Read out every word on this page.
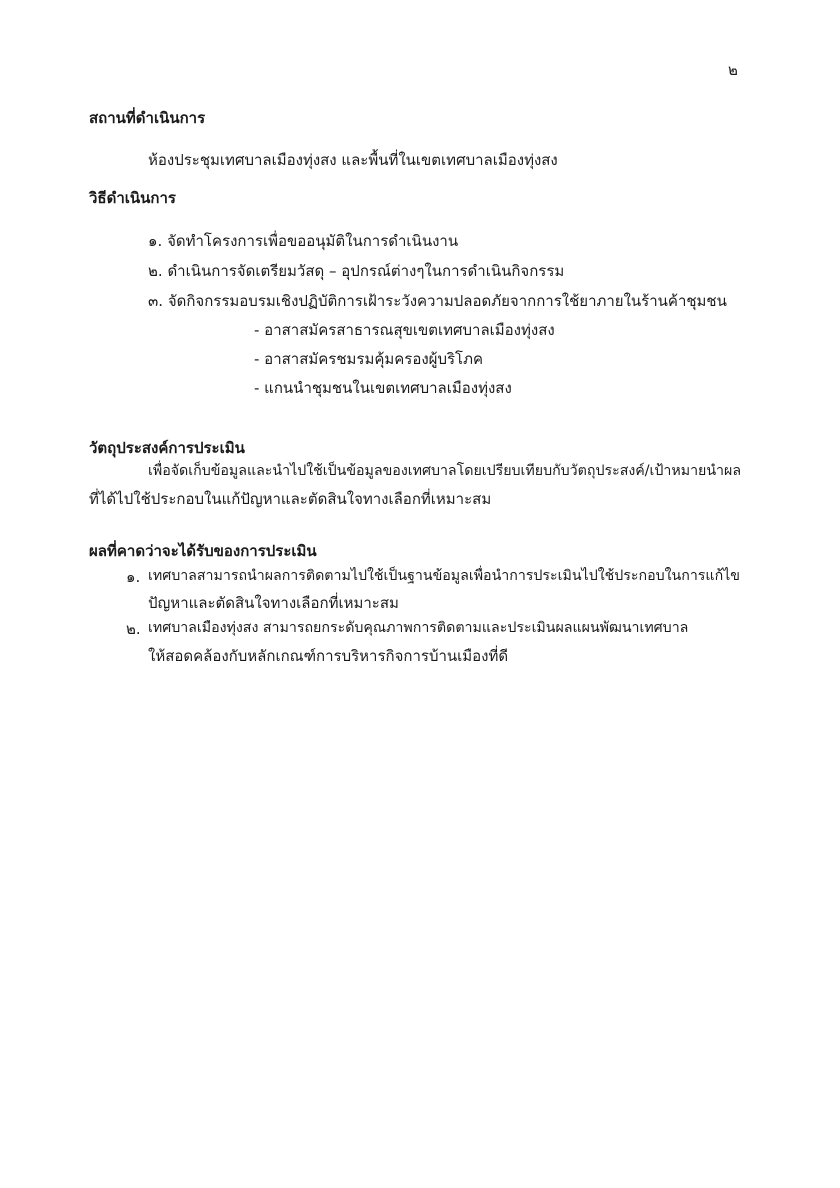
๒
สถานที่ดำเนินการ
ห้องประชุมเทศบาลเมืองทุ่งสง และพื้นที่ในเขตเทศบาลเมืองทุ่งสง
วิธีดำเนินการ
๑. จัดทำโครงการเพื่อขออนุมัติในการดำเนินงาน
๒. ดำเนินการจัดเตรียมวัสดุ – อุปกรณ์ต่างๆในการดำเนินกิจกรรม
๓. จัดกิจกรรมอบรมเชิงปฏิบัติการเฝ้าระวังความปลอดภัยจากการใช้ยาภายในร้านค้าชุมชน
- อาสาสมัครสาธารณสุขเขตเทศบาลเมืองทุ่งสง
- อาสาสมัครชมรมคุ้มครองผู้บริโภค
- แกนนำชุมชนในเขตเทศบาลเมืองทุ่งสง
วัตถุประสงค์การประเมิน
เพื่อจัดเก็บข้อมูลและนำไปใช้เป็นข้อมูลของเทศบาลโดยเปรียบเทียบกับวัตถุประสงค์/เป้าหมายนำผล
ที่ได้ไปใช้ประกอบในแก้ปัญหาและตัดสินใจทางเลือกที่เหมาะสม
ผลที่คาดว่าจะได้รับของการประเมิน
๑. เทศบาลสามารถนำผลการติดตามไปใช้เป็นฐานข้อมูลเพื่อนำการประเมินไปใช้ประกอบในการแก้ไข
ปัญหาและตัดสินใจทางเลือกที่เหมาะสม
๒. เทศบาลเมืองทุ่งสง สามารถยกระดับคุณภาพการติดตามและประเมินผลแผนพัฒนาเทศบาล
ให้สอดคล้องกับหลักเกณฑ์การบริหารกิจการบ้านเมืองที่ดี
